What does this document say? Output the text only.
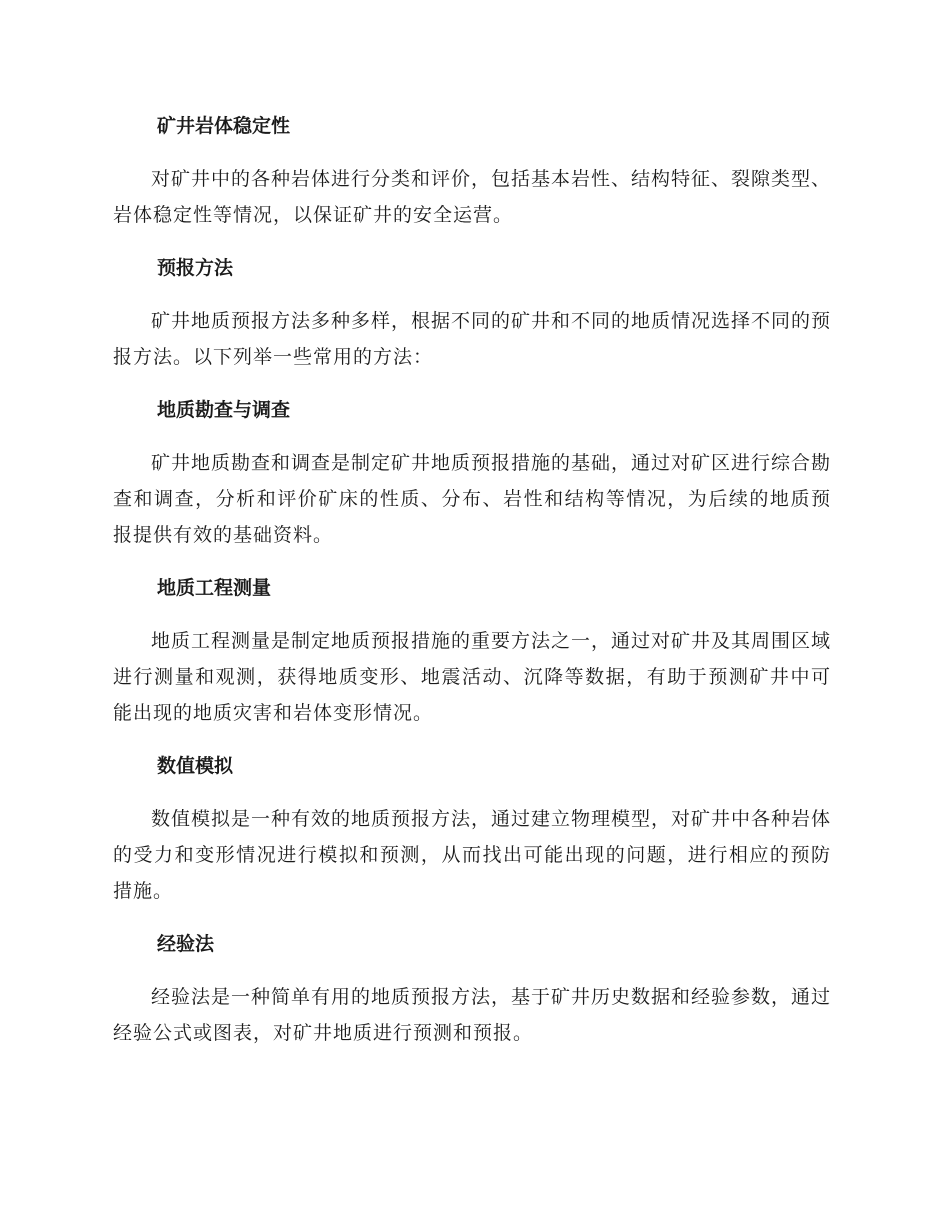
矿井岩体稳定性

对矿井中的各种岩体进行分类和评价，包括基本岩性、结构特征、裂隙类型、岩体稳定性等情况，以保证矿井的安全运营。

预报方法

矿井地质预报方法多种多样，根据不同的矿井和不同的地质情况选择不同的预报方法。以下列举一些常用的方法：

地质勘查与调查

矿井地质勘查和调查是制定矿井地质预报措施的基础，通过对矿区进行综合勘查和调查，分析和评价矿床的性质、分布、岩性和结构等情况，为后续的地质预报提供有效的基础资料。

地质工程测量

地质工程测量是制定地质预报措施的重要方法之一，通过对矿井及其周围区域进行测量和观测，获得地质变形、地震活动、沉降等数据，有助于预测矿井中可能出现的地质灾害和岩体变形情况。

数值模拟

数值模拟是一种有效的地质预报方法，通过建立物理模型，对矿井中各种岩体的受力和变形情况进行模拟和预测，从而找出可能出现的问题，进行相应的预防措施。

经验法

经验法是一种简单有用的地质预报方法，基于矿井历史数据和经验参数，通过经验公式或图表，对矿井地质进行预测和预报。
